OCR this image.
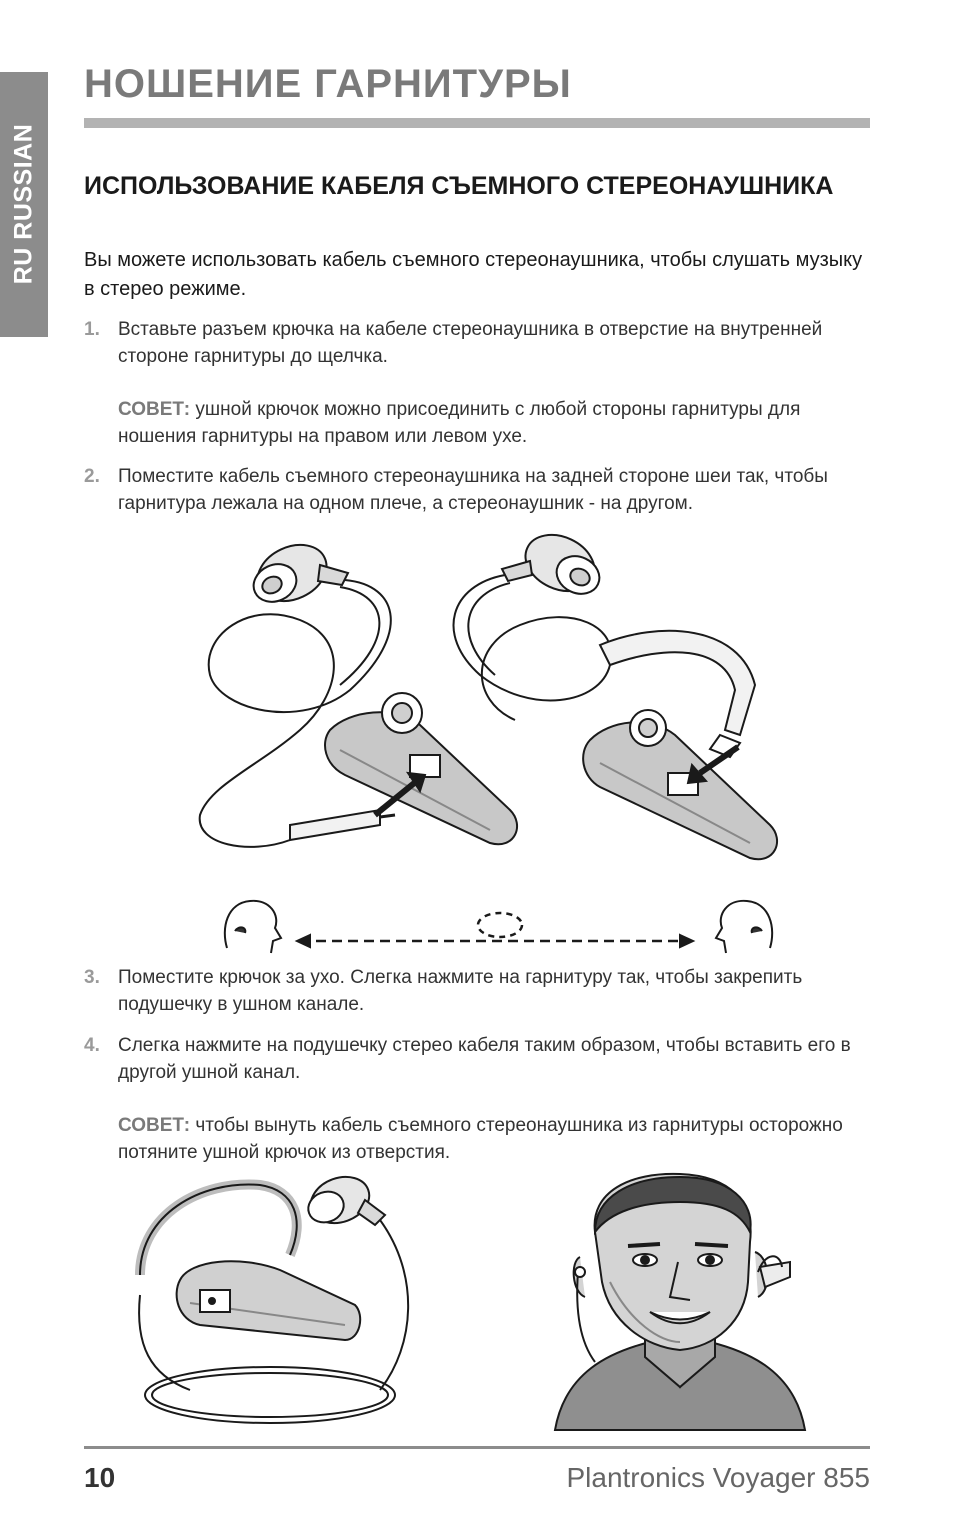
RU RUSSIAN
НОШЕНИЕ ГАРНИТУРЫ
ИСПОЛЬЗОВАНИЕ КАБЕЛЯ СЪЕМНОГО СТЕРЕОНАУШНИКА

Вы можете использовать кабель съемного стереонаушника, чтобы слушать музыку в стерео режиме.

1. Вставьте разъем крючка на кабеле стереонаушника в отверстие на внутренней стороне гарнитуры до щелчка.
СОВЕТ: ушной крючок можно присоединить с любой стороны гарнитуры для ношения гарнитуры на правом или левом ухе.
2. Поместите кабель съемного стереонаушника на задней стороне шеи так, чтобы гарнитура лежала на одном плече, а стереонаушник - на другом.
3. Поместите крючок за ухо. Слегка нажмите на гарнитуру так, чтобы закрепить подушечку в ушном канале.
4. Слегка нажмите на подушечку стерео кабеля таким образом, чтобы вставить его в другой ушной канал.
СОВЕТ: чтобы вынуть кабель съемного стереонаушника из гарнитуры осторожно потяните ушной крючок из отверстия.
10	Plantronics Voyager 855
